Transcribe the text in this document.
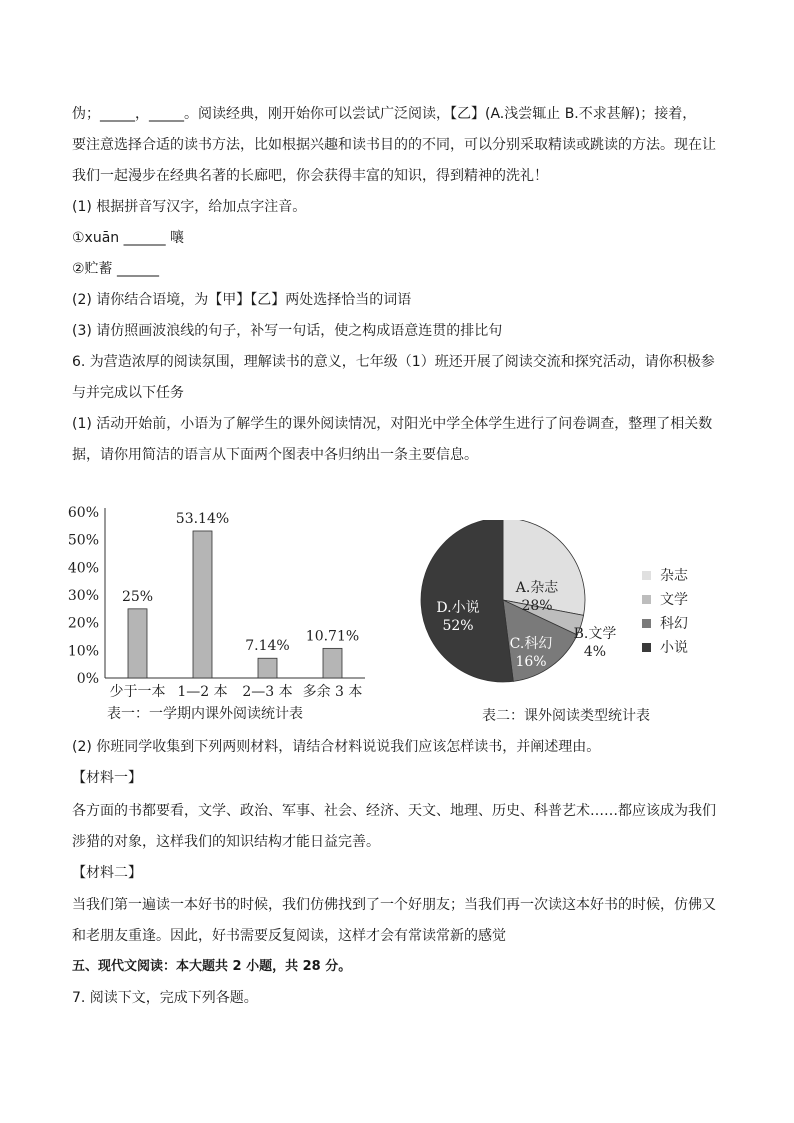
伪；_____，_____。阅读经典，刚开始你可以尝试广泛阅读，【乙】(A.浅尝辄止 B.不求甚解)；接着，
要注意选择合适的读书方法，比如根据兴趣和读书目的的不同，可以分别采取精读或跳读的方法。现在让
我们一起漫步在经典名著的长廊吧，你会获得丰富的知识，得到精神的洗礼！
(1) 根据拼音写汉字，给加点字注音。
①xuān ______ 嚷
②贮蓄 ______
(2) 请你结合语境，为【甲】【乙】两处选择恰当的词语
(3) 请仿照画波浪线的句子，补写一句话，使之构成语意连贯的排比句
6. 为营造浓厚的阅读氛围，理解读书的意义，七年级（1）班还开展了阅读交流和探究活动，请你积极参
与并完成以下任务
(1) 活动开始前，小语为了解学生的课外阅读情况，对阳光中学全体学生进行了问卷调查，整理了相关数
据，请你用简洁的语言从下面两个图表中各归纳出一条主要信息。
0%
10%
20%
30%
40%
50%
60%
25%
少于一本
53.14%
1—2 本
7.14%
2—3 本
10.71%
多余 3 本
表一：一学期内课外阅读统计表
A.杂志
28%
B.文学
4%
C.科幻
16%
D.小说
52%
杂志
文学
科幻
小说
表二：课外阅读类型统计表
(2) 你班同学收集到下列两则材料，请结合材料说说我们应该怎样读书，并阐述理由。
【材料一】
各方面的书都要看，文学、政治、军事、社会、经济、天文、地理、历史、科普艺术……都应该成为我们
涉猎的对象，这样我们的知识结构才能日益完善。
【材料二】
当我们第一遍读一本好书的时候，我们仿佛找到了一个好朋友；当我们再一次读这本好书的时候，仿佛又
和老朋友重逢。因此，好书需要反复阅读，这样才会有常读常新的感觉
五、现代文阅读：本大题共 2 小题，共 28 分。
7. 阅读下文，完成下列各题。
